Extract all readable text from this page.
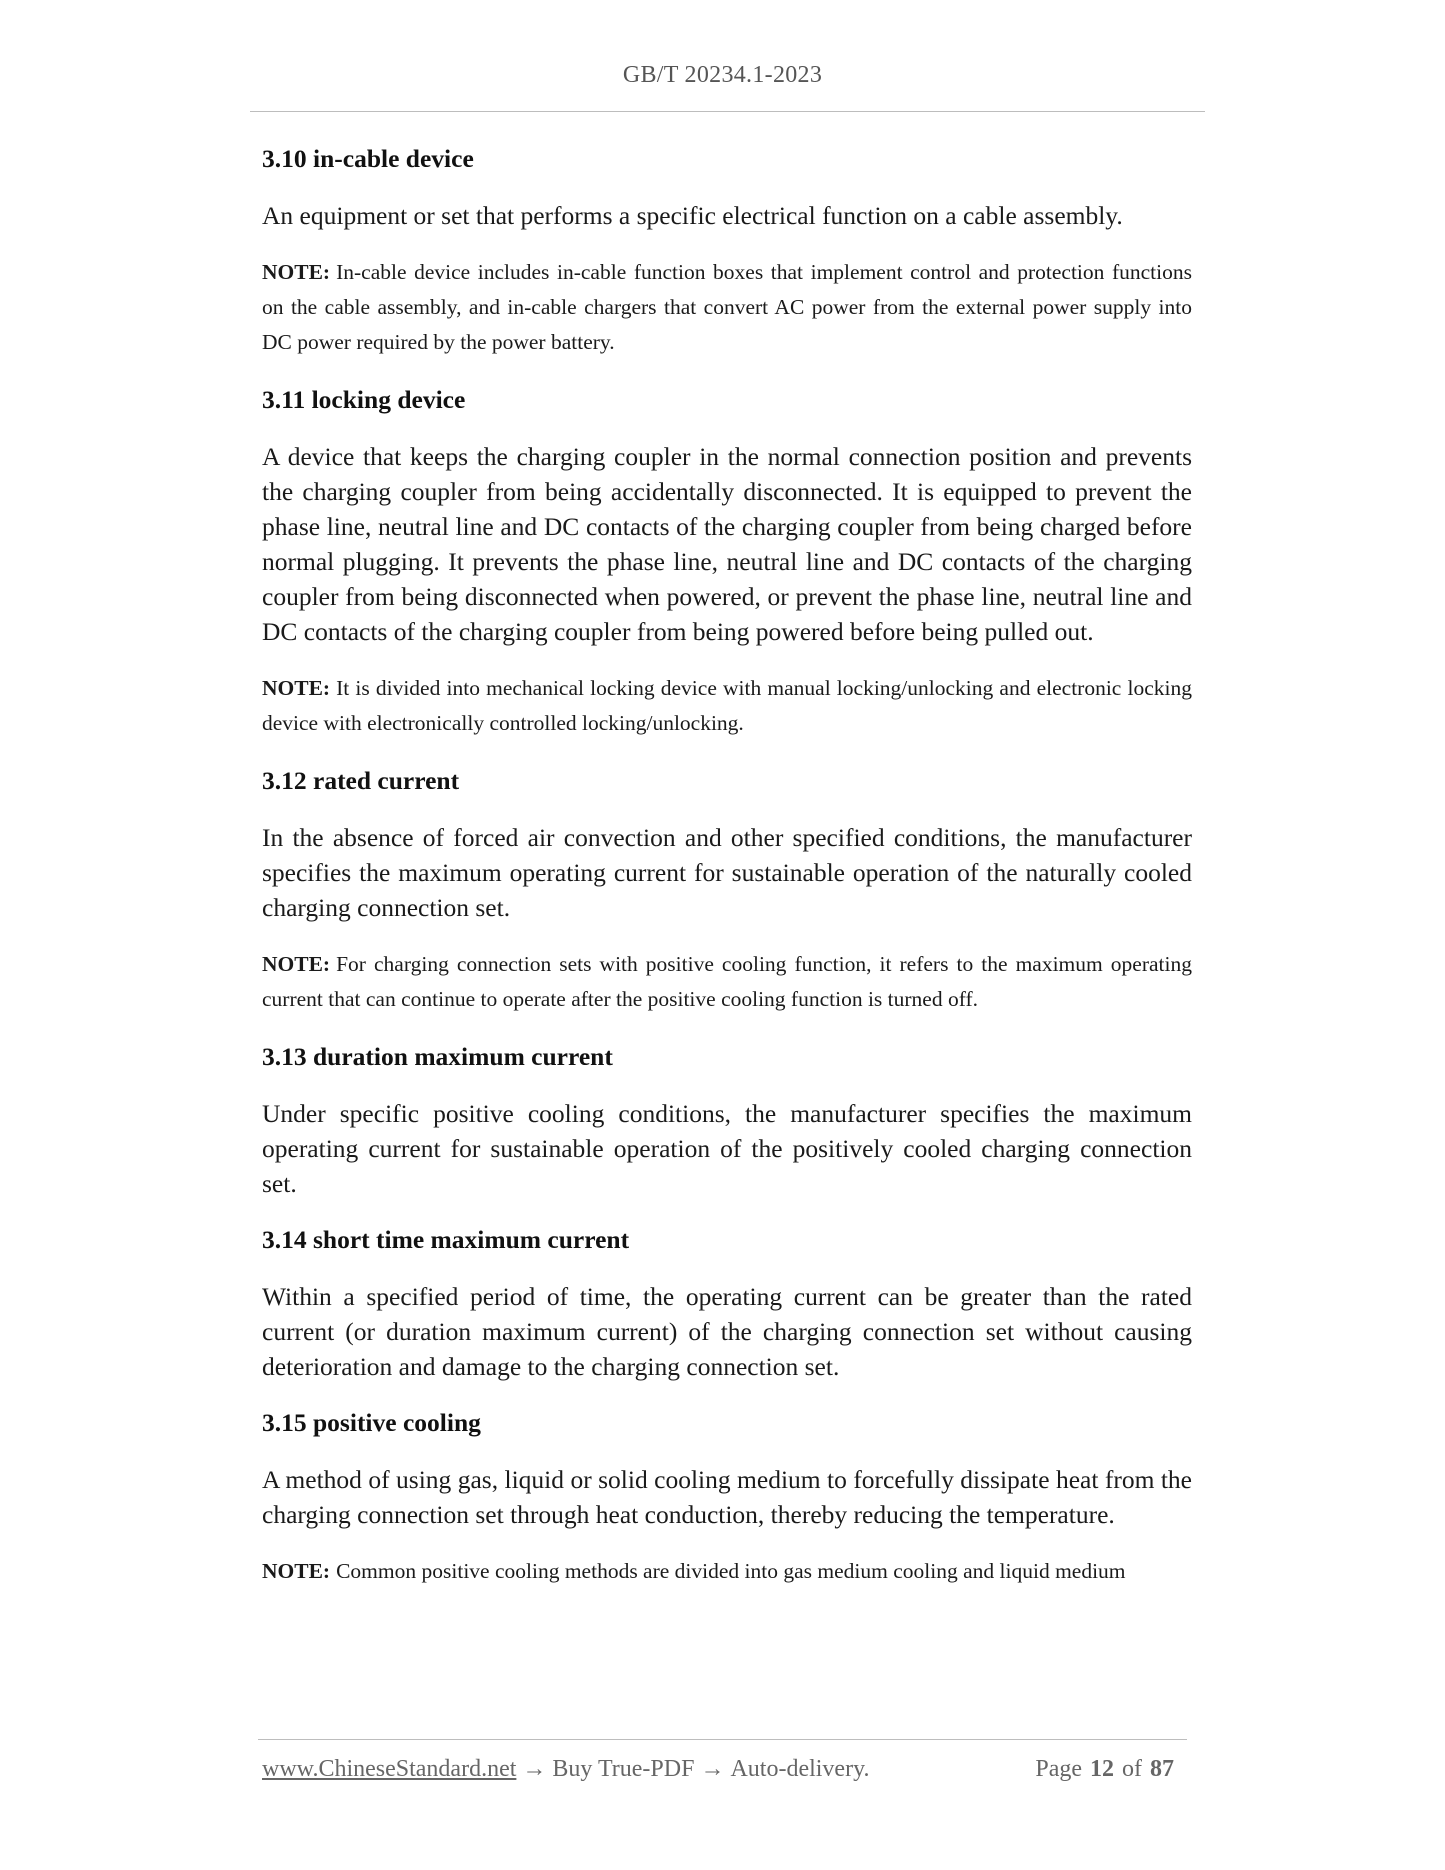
GB/T 20234.1-2023
3.10 in-cable device

An equipment or set that performs a specific electrical function on a cable assembly.

NOTE: In-cable device includes in-cable function boxes that implement control and protection functions on the cable assembly, and in-cable chargers that convert AC power from the external power supply into DC power required by the power battery.

3.11 locking device

A device that keeps the charging coupler in the normal connection position and prevents the charging coupler from being accidentally disconnected. It is equipped to prevent the phase line, neutral line and DC contacts of the charging coupler from being charged before normal plugging. It prevents the phase line, neutral line and DC contacts of the charging coupler from being disconnected when powered, or prevent the phase line, neutral line and DC contacts of the charging coupler from being powered before being pulled out.

NOTE: It is divided into mechanical locking device with manual locking/unlocking and electronic locking device with electronically controlled locking/unlocking.

3.12 rated current

In the absence of forced air convection and other specified conditions, the manufacturer specifies the maximum operating current for sustainable operation of the naturally cooled charging connection set.

NOTE: For charging connection sets with positive cooling function, it refers to the maximum operating current that can continue to operate after the positive cooling function is turned off.

3.13 duration maximum current

Under specific positive cooling conditions, the manufacturer specifies the maximum operating current for sustainable operation of the positively cooled charging connection set.

3.14 short time maximum current

Within a specified period of time, the operating current can be greater than the rated current (or duration maximum current) of the charging connection set without causing deterioration and damage to the charging connection set.

3.15 positive cooling

A method of using gas, liquid or solid cooling medium to forcefully dissipate heat from the charging connection set through heat conduction, thereby reducing the temperature.

NOTE: Common positive cooling methods are divided into gas medium cooling and liquid medium

www.ChineseStandard.net → Buy True-PDF → Auto-delivery.	Page 12 of 87
